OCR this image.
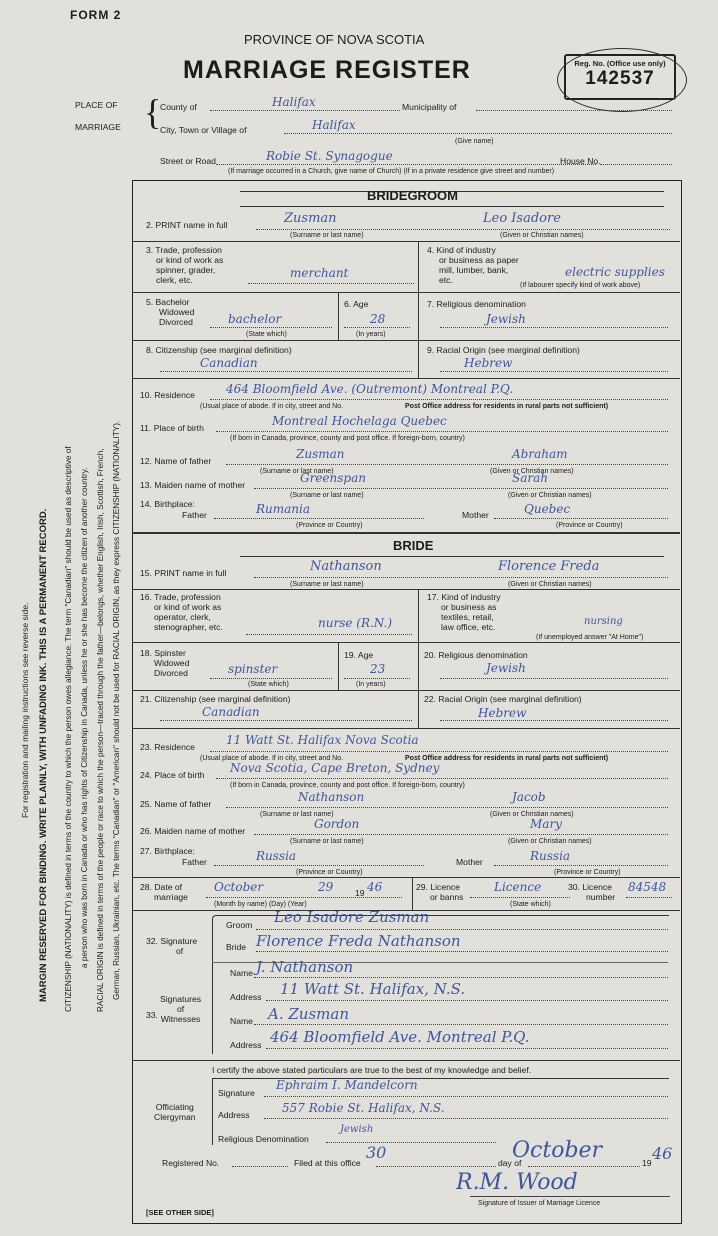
FORM 2
PROVINCE OF NOVA SCOTIA
MARRIAGE REGISTER	Reg. No. (Office use only)
142537
PLACE OF
MARRIAGE {
County of	Halifax	Municipality of
City, Town or Village of	Halifax
(Give name)
Street or Road	Robie St. Synagogue	House No.
(If marriage occurred in a Church, give name of Church) (If in a private residence give street and number)
MARGIN RESERVED FOR BINDING. WRITE PLAINLY, WITH UNFADING INK. THIS IS A PERMANENT RECORD.
For registration and mailing instructions see reverse side.	CITIZENSHIP (NATIONALITY) is defined in terms of the country to which the person owes allegiance. The term "Canadian" should be used as descriptive of a person who was born in Canada or who has rights of Citizenship in Canada, unless he or she has become the citizen of another country. RACIAL ORIGIN is defined in terms of the people or race to which the person—traced through the father—belongs, whether English, Irish, Scottish, French, German, Russian, Ukrainian, etc. The terms "Canadian" or "American" should not be used for RACIAL ORIGIN, as they express CITIZENSHIP (NATIONALITY).
BRIDEGROOM
2. PRINT name in full	Zusman	Leo Isadore
(Surname or last name)	(Given or Christian names)
3. Trade, profession
or kind of work as
spinner, grader,
clerk, etc.	merchant
4. Kind of industry
or business as paper
mill, lumber, bank,
etc.
electric supplies
(If labourer specify kind of work above)
5. Bachelor
Widowed
Divorced	bachelor
(State which)
6. Age
28
(In years)
7. Religious denomination
Jewish
8. Citizenship (see marginal definition)
Canadian
9. Racial Origin (see marginal definition)
Hebrew
10. Residence	464 Bloomfield Ave. (Outremont) Montreal P.Q.
(Usual place of abode. If in city, street and No.	Post Office address for residents in rural parts not sufficient)
11. Place of birth	Montreal Hochelaga Quebec
(If born in Canada, province, county and post office. If foreign-born, country)
12. Name of father	Zusman	Abraham
(Surname or last name)	(Given or Christian names)
13. Maiden name of mother	Greenspan	Sarah
(Surname or last name)	(Given or Christian names)
14. Birthplace:
Father	Rumania	Mother	Quebec
(Province or Country)	(Province or Country)
BRIDE
15. PRINT name in full	Nathanson	Florence Freda
(Surname or last name)	(Given or Christian names)
16. Trade, profession
or kind of work as
operator, clerk,
stenographer, etc.	nurse (R.N.)
17. Kind of industry
or business as
textiles, retail,
law office, etc.	nursing
(If unemployed answer "At Home")
18. Spinster
Widowed
Divorced	spinster
(State which)
19. Age
23
(In years)
20. Religious denomination
Jewish
21. Citizenship (see marginal definition)
Canadian
22. Racial Origin (see marginal definition)
Hebrew
23. Residence	11 Watt St. Halifax Nova Scotia
(Usual place of abode. If in city, street and No.	Post Office address for residents in rural parts not sufficient)
24. Place of birth Nova Scotia, Cape Breton, Sydney
(If born in Canada, province, county and post office. If foreign-born, country)
25. Name of father	Nathanson	Jacob
(Surname or last name)	(Given or Christian names)
26. Maiden name of mother	Gordon	Mary
(Surname or last name)	(Given or Christian names)
27. Birthplace:
Father	Russia	Mother	Russia
(Province or Country)	(Province or Country)
28. Date of
marriage
October	29	19 46
(Month by name) (Day) (Year)
29. Licence
or banns
Licence
(State which)
30. Licence
number
84548
32. Signature
of
Groom Leo Isadore Zusman
Bride Florence Freda Nathanson
Signatures
of
Witnesses
33.
Name J. Nathanson
Address 11 Watt St. Halifax, N.S.
Name A. Zusman
Address 464 Bloomfield Ave. Montreal P.Q.
I certify the above stated particulars are true to the best of my knowledge and belief.
Officiating
Clergyman
Signature
Ephraim I. Mandelcorn
Address	557 Robie St. Halifax, N.S.
Religious Denomination
Jewish
Registered No.	Filed at this office
30
day of
October	19 46
R.M. Wood
Signature of Issuer of Marriage Licence
[SEE OTHER SIDE]
